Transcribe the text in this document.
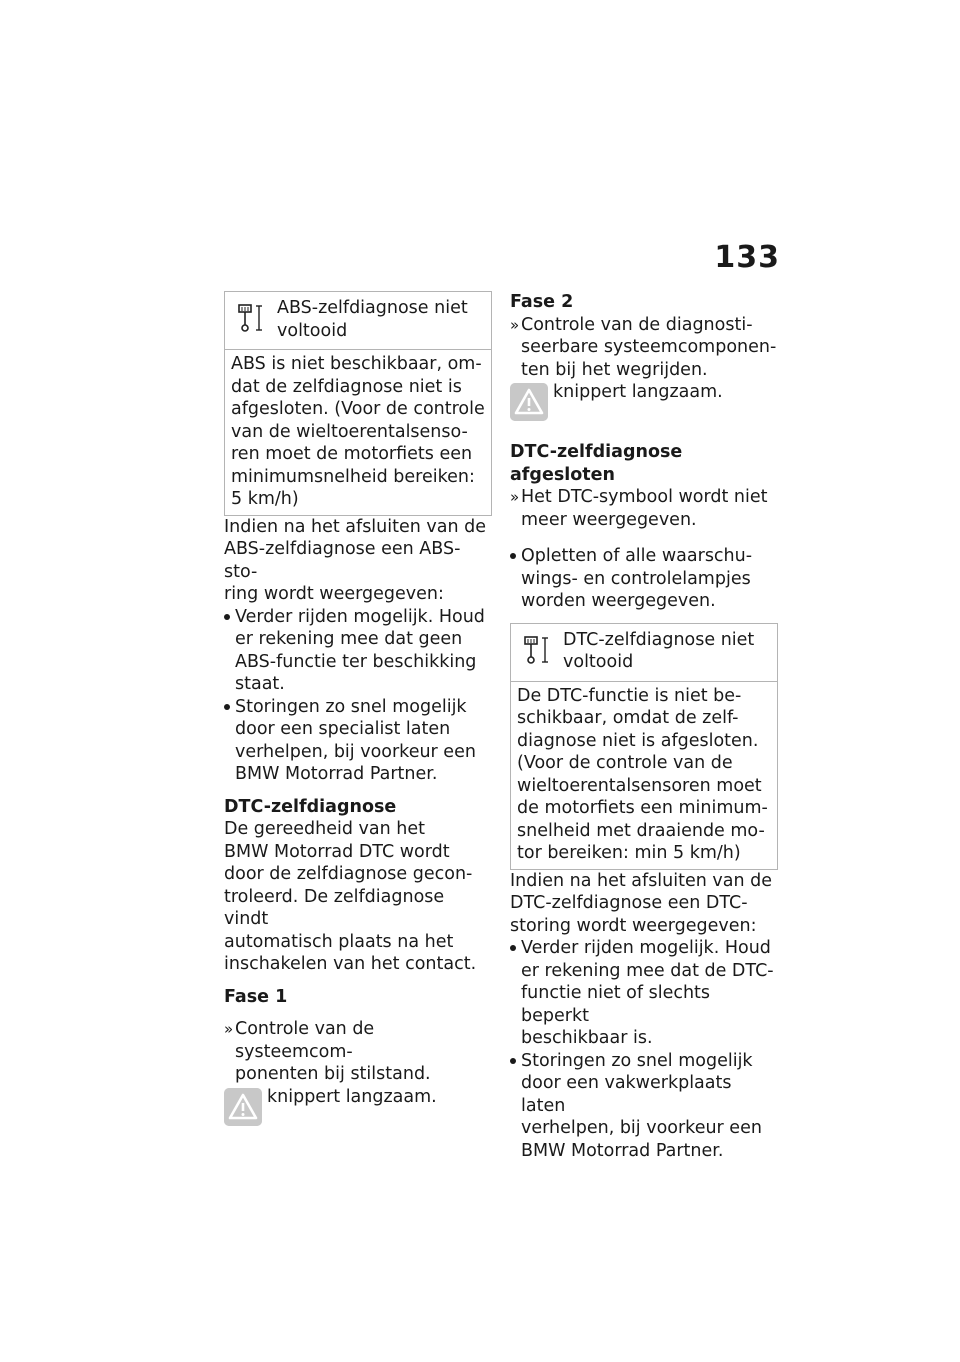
133
ABS-zelfdiagnose niet
voltooid
ABS is niet beschikbaar, om-
dat de zelfdiagnose niet is
afgesloten. (Voor de controle
van de wieltoerentalsenso-
ren moet de motorfiets een
minimumsnelheid bereiken:
5 km/h)
Indien na het afsluiten van de
ABS-zelfdiagnose een ABS-sto-
ring wordt weergegeven:
Verder rijden mogelijk. Houd
er rekening mee dat geen
ABS-functie ter beschikking
staat.
Storingen zo snel mogelijk
door een specialist laten
verhelpen, bij voorkeur een
BMW Motorrad Partner.
DTC-zelfdiagnose
De gereedheid van het
BMW Motorrad DTC wordt
door de zelfdiagnose gecon-
troleerd. De zelfdiagnose vindt
automatisch plaats na het
inschakelen van het contact.
Fase 1
» Controle van de systeemcom-
ponenten bij stilstand.
knippert langzaam.
Fase 2
» Controle van de diagnosti-
seerbare systeemcomponen-
ten bij het wegrijden.
knippert langzaam.
DTC-zelfdiagnose afgesloten
» Het DTC-symbool wordt niet
meer weergegeven.
Opletten of alle waarschu-
wings- en controlelampjes
worden weergegeven.
DTC-zelfdiagnose niet
voltooid
De DTC-functie is niet be-
schikbaar, omdat de zelf-
diagnose niet is afgesloten.
(Voor de controle van de
wieltoerentalsensoren moet
de motorfiets een minimum-
snelheid met draaiende mo-
tor bereiken: min 5 km/h)
Indien na het afsluiten van de
DTC-zelfdiagnose een DTC-
storing wordt weergegeven:
Verder rijden mogelijk. Houd
er rekening mee dat de DTC-
functie niet of slechts beperkt
beschikbaar is.
Storingen zo snel mogelijk
door een vakwerkplaats laten
verhelpen, bij voorkeur een
BMW Motorrad Partner.
